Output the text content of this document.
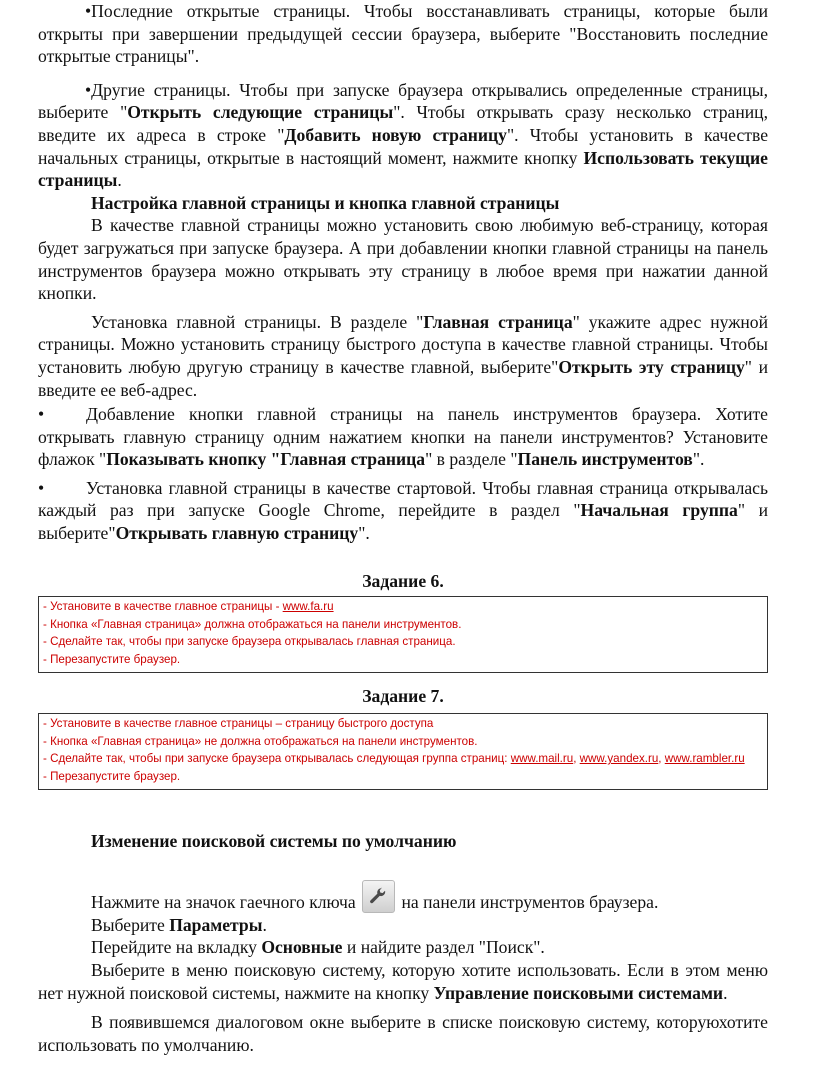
•Последние открытые страницы. Чтобы восстанавливать страницы, которые были открыты при завершении предыдущей сессии браузера, выберите "Восстановить последние открытые страницы".

•Другие страницы. Чтобы при запуске браузера открывались определенные страницы, выберите "Открыть следующие страницы". Чтобы открывать сразу несколько страниц, введите их адреса в строке "Добавить новую страницу". Чтобы установить в качестве начальных страницы, открытые в настоящий момент, нажмите кнопку Использовать текущие страницы.

Настройка главной страницы и кнопка главной страницы

В качестве главной страницы можно установить свою любимую веб-страницу, которая будет загружаться при запуске браузера. А при добавлении кнопки главной страницы на панель инструментов браузера можно открывать эту страницу в любое время при нажатии данной кнопки.

Установка главной страницы. В разделе "Главная страница" укажите адрес нужной страницы. Можно установить страницу быстрого доступа в качестве главной страницы. Чтобы установить любую другую страницу в качестве главной, выберите"Открыть эту страницу" и введите ее веб-адрес.

• Добавление кнопки главной страницы на панель инструментов браузера. Хотите открывать главную страницу одним нажатием кнопки на панели инструментов? Установите флажок "Показывать кнопку "Главная страница" в разделе "Панель инструментов".

• Установка главной страницы в качестве стартовой. Чтобы главная страница открывалась каждый раз при запуске Google Chrome, перейдите в раздел "Начальная группа" и выберите"Открывать главную страницу".

Задание 6.

- Установите в качестве главное страницы - www.fa.ru
- Кнопка «Главная страница» должна отображаться на панели инструментов.
- Сделайте так, чтобы при запуске браузера открывалась главная страница.
- Перезапустите браузер.

Задание 7.

- Установите в качестве главное страницы – страницу быстрого доступа
- Кнопка «Главная страница» не должна отображаться на панели инструментов.
- Сделайте так, чтобы при запуске браузера открывалась следующая группа страниц: www.mail.ru, www.yandex.ru, www.rambler.ru
- Перезапустите браузер.

Изменение поисковой системы по умолчанию

Нажмите на значок гаечного ключа
на панели инструментов браузера.

Выберите Параметры.

Перейдите на вкладку Основные и найдите раздел "Поиск".

Выберите в меню поисковую систему, которую хотите использовать. Если в этом меню нет нужной поисковой системы, нажмите на кнопку Управление поисковыми системами.

В появившемся диалоговом окне выберите в списке поисковую систему, которуюхотите использовать по умолчанию.
